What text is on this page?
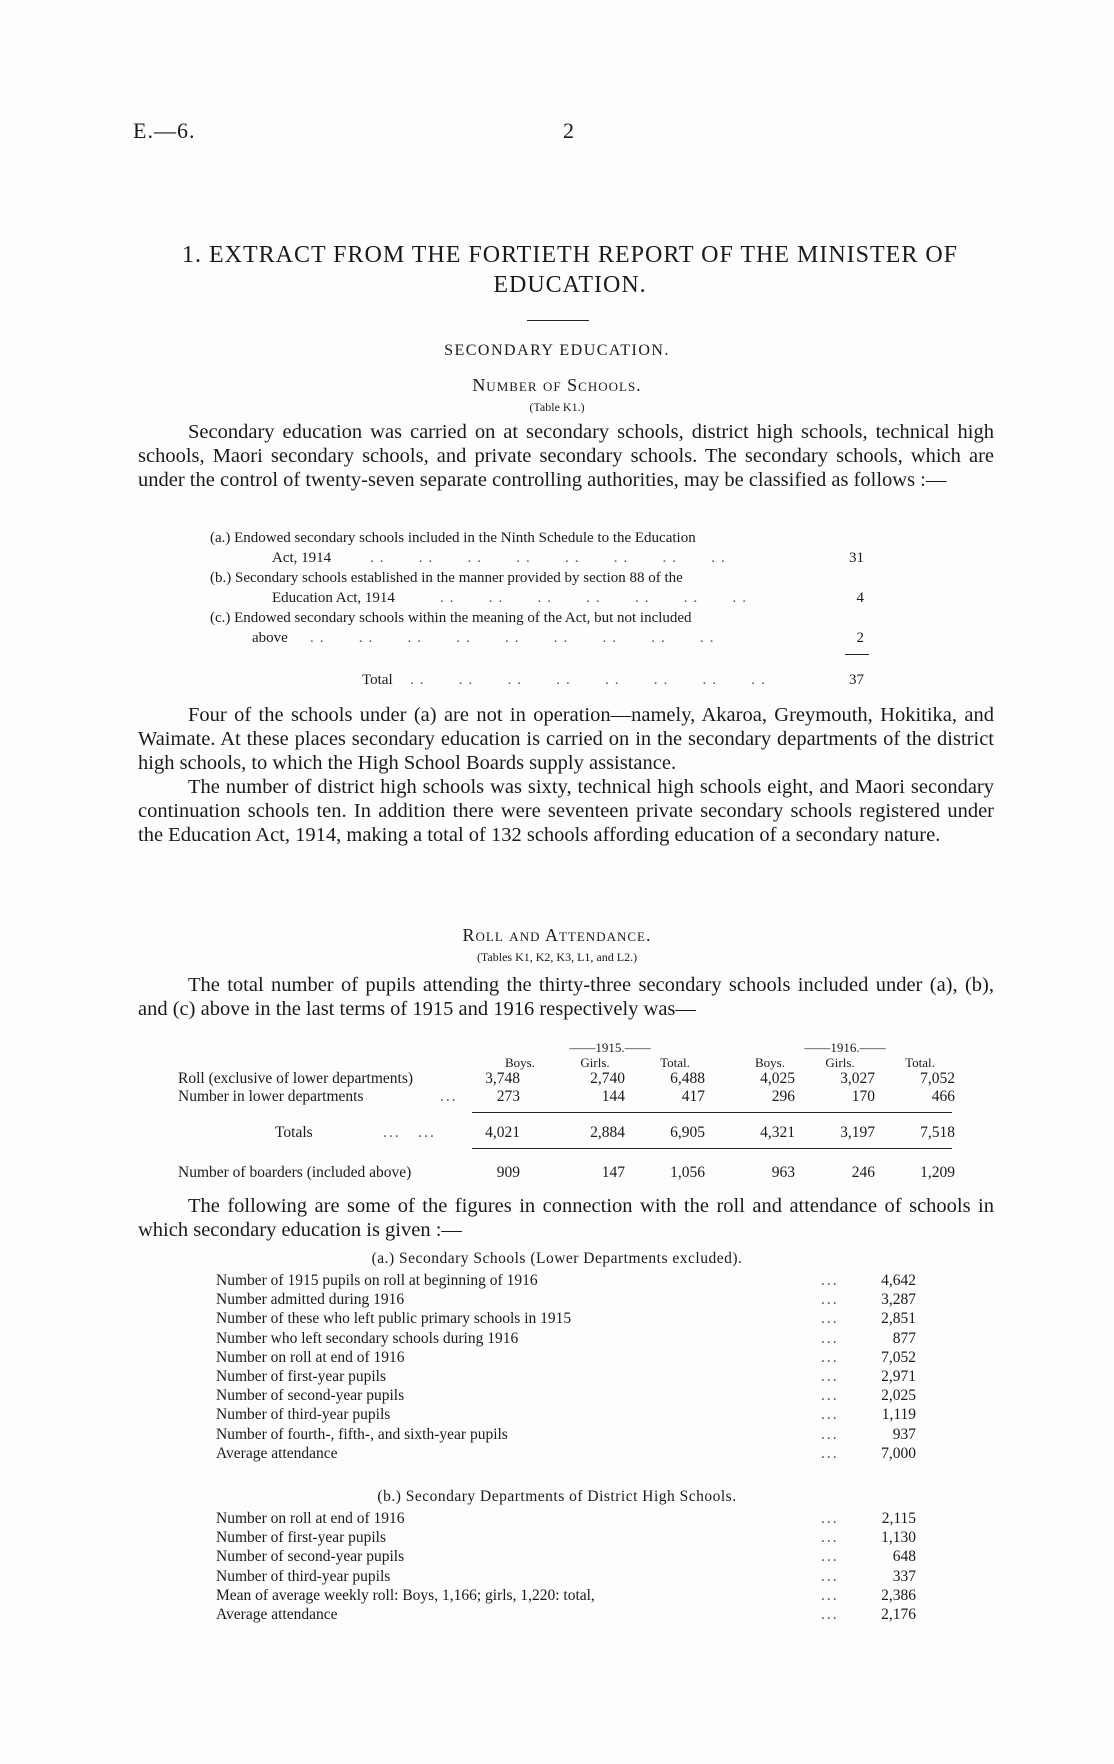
E.—6.	2
1. EXTRACT FROM THE FORTIETH REPORT OF THE MINISTER OF EDUCATION.
SECONDARY EDUCATION.
Number of Schools.
(Table K1.)

Secondary education was carried on at secondary schools, district high schools, technical high schools, Maori secondary schools, and private secondary schools. The secondary schools, which are under the control of twenty-seven separate controlling authorities, may be classified as follows :—

(a.) Endowed secondary schools included in the Ninth Schedule to the Education
Act, 1914	..   ..   ..   ..   ..   ..   ..   ..	31
(b.) Secondary schools established in the manner provided by section 88 of the
Education Act, 1914	..   ..   ..   ..   ..   ..   ..	4
(c.) Endowed secondary schools within the meaning of the Act, but not included
above ..   ..   ..   ..   ..   ..   ..   ..   ..	2
Total ..   ..   ..   ..   ..   ..   ..   ..	37

Four of the schools under (a) are not in operation—namely, Akaroa, Greymouth, Hokitika, and Waimate. At these places secondary education is carried on in the secondary departments of the district high schools, to which the High School Boards supply assistance.

The number of district high schools was sixty, technical high schools eight, and Maori secondary continuation schools ten. In addition there were seventeen private secondary schools registered under the Education Act, 1914, making a total of 132 schools affording education of a secondary nature.

Roll and Attendance.
(Tables K1, K2, K3, L1, and L2.)

The total number of pupils attending the thirty-three secondary schools included under (a), (b), and (c) above in the last terms of 1915 and 1916 respectively was—

——1915.——	——1916.——
Boys.	Girls.	Total.	Boys.	Girls.	Total.
Roll (exclusive of lower departments)	3,748	2,740	6,488	4,025	3,027	7,052
Number in lower departments	...	273	144	417	296	170	466
Totals	...   ...	4,021	2,884	6,905	4,321	3,197	7,518
Number of boarders (included above)	909	147	1,056	963	246	1,209

The following are some of the figures in connection with the roll and attendance of schools in which secondary education is given :—

(a.) Secondary Schools (Lower Departments excluded).
Number of 1915 pupils on roll at beginning of 1916	...	4,642
Number admitted during 1916	...	3,287
Number of these who left public primary schools in 1915	...	2,851
Number who left secondary schools during 1916	...	877
Number on roll at end of 1916	...	7,052
Number of first-year pupils	...	2,971
Number of second-year pupils	...	2,025
Number of third-year pupils	...	1,119
Number of fourth-, fifth-, and sixth-year pupils	...	937
Average attendance	...	7,000
(b.) Secondary Departments of District High Schools.
Number on roll at end of 1916	...	2,115
Number of first-year pupils	...	1,130
Number of second-year pupils	...	648
Number of third-year pupils	...	337
Mean of average weekly roll: Boys, 1,166; girls, 1,220: total,	...	2,386
Average attendance	...	2,176
